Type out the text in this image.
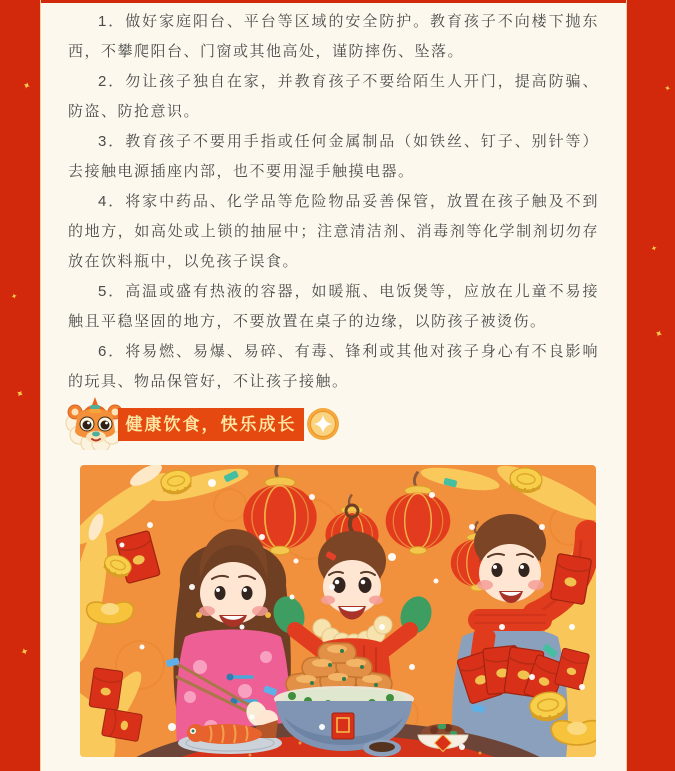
✦
✦
✦
✦
✦
✦
✦

1．做好家庭阳台、平台等区域的安全防护。教育孩子不向楼下抛东西，不攀爬阳台、门窗或其他高处，谨防摔伤、坠落。

2．勿让孩子独自在家，并教育孩子不要给陌生人开门，提高防骗、防盗、防抢意识。

3．教育孩子不要用手指或任何金属制品（如铁丝、钉子、别针等）去接触电源插座内部，也不要用湿手触摸电器。

4．将家中药品、化学品等危险物品妥善保管，放置在孩子触及不到的地方，如高处或上锁的抽屉中；注意清洁剂、消毒剂等化学制剂切勿存放在饮料瓶中，以免孩子误食。

5．高温或盛有热液的容器，如暖瓶、电饭煲等，应放在儿童不易接触且平稳坚固的地方，不要放置在桌子的边缘，以防孩子被烫伤。

6．将易燃、易爆、易碎、有毒、锋利或其他对孩子身心有不良影响的玩具、物品保管好，不让孩子接触。

健康饮食，快乐成长
